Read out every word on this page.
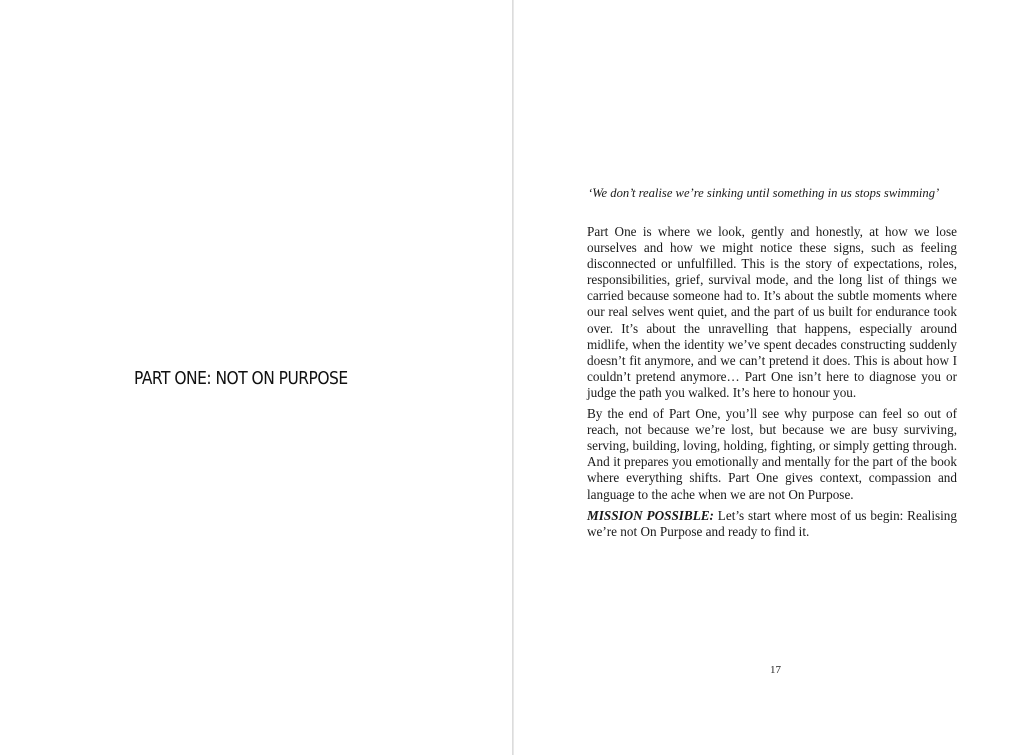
PART ONE: NOT ON PURPOSE

‘We don’t realise we’re sinking until something in us stops swimming’

Part One is where we look, gently and honestly, at how we lose ourselves and how we might notice these signs, such as feeling disconnected or unfulfilled. This is the story of expectations, roles, responsibilities, grief, survival mode, and the long list of things we carried because someone had to. It’s about the subtle moments where our real selves went quiet, and the part of us built for endurance took over. It’s about the unravelling that happens, especially around midlife, when the identity we’ve spent decades constructing suddenly doesn’t fit anymore, and we can’t pretend it does. This is about how I couldn’t pretend anymore… Part One isn’t here to diagnose you or judge the path you walked. It’s here to honour you.

By the end of Part One, you’ll see why purpose can feel so out of reach, not because we’re lost, but because we are busy surviving, serving, building, loving, holding, fighting, or simply getting through. And it prepares you emotionally and mentally for the part of the book where everything shifts. Part One gives context, compassion and language to the ache when we are not On Purpose.

MISSION POSSIBLE: Let’s start where most of us begin: Realising we’re not On Purpose and ready to find it.

17
